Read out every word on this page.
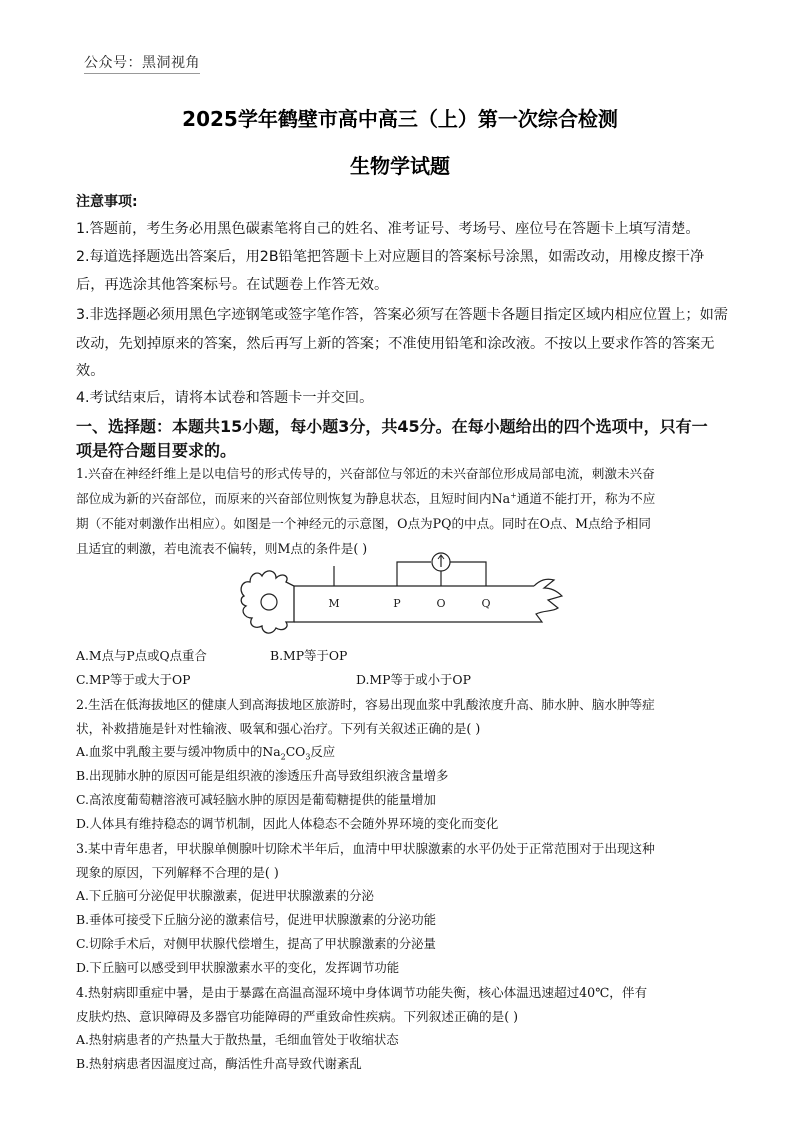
公众号：黑洞视角
2025学年鹤壁市高中高三（上）第一次综合检测
生物学试题
注意事项:
1.答题前，考生务必用黑色碳素笔将自己的姓名、准考证号、考场号、座位号在答题卡上填写清楚。
2.每道选择题选出答案后，用2B铅笔把答题卡上对应题目的答案标号涂黑，如需改动，用橡皮擦干净
后，再选涂其他答案标号。在试题卷上作答无效。
3.非选择题必须用黑色字迹钢笔或签字笔作答，答案必须写在答题卡各题目指定区域内相应位置上；如需
改动，先划掉原来的答案，然后再写上新的答案；不准使用铅笔和涂改液。不按以上要求作答的答案无
效。
4.考试结束后，请将本试卷和答题卡一并交回。
一、选择题：本题共15小题，每小题3分，共45分。在每小题给出的四个选项中，只有一
项是符合题目要求的。
1.兴奋在神经纤维上是以电信号的形式传导的，兴奋部位与邻近的未兴奋部位形成局部电流，刺激未兴奋
部位成为新的兴奋部位，而原来的兴奋部位则恢复为静息状态，且短时间内Na+通道不能打开，称为不应
期（不能对刺激作出相应）。如图是一个神经元的示意图，O点为PQ的中点。同时在O点、M点给予相同
且适宜的刺激，若电流表不偏转，则M点的条件是( )
M	P	O	Q
A.M点与P点或Q点重合	B.MP等于OP
C.MP等于或大于OP	D.MP等于或小于OP
2.生活在低海拔地区的健康人到高海拔地区旅游时，容易出现血浆中乳酸浓度升高、肺水肿、脑水肿等症
状，补救措施是针对性输液、吸氧和强心治疗。下列有关叙述正确的是( )
A.血浆中乳酸主要与缓冲物质中的$Na_2CO_3$反应
B.出现肺水肿的原因可能是组织液的渗透压升高导致组织液含量增多
C.高浓度葡萄糖溶液可减轻脑水肿的原因是葡萄糖提供的能量增加
D.人体具有维持稳态的调节机制，因此人体稳态不会随外界环境的变化而变化
3.某中青年患者，甲状腺单侧腺叶切除术半年后，血清中甲状腺激素的水平仍处于正常范围对于出现这种
现象的原因，下列解释不合理的是( )
A.下丘脑可分泌促甲状腺激素，促进甲状腺激素的分泌
B.垂体可接受下丘脑分泌的激素信号，促进甲状腺激素的分泌功能
C.切除手术后，对侧甲状腺代偿增生，提高了甲状腺激素的分泌量
D.下丘脑可以感受到甲状腺激素水平的变化，发挥调节功能
4.热射病即重症中暑，是由于暴露在高温高湿环境中身体调节功能失衡，核心体温迅速超过40℃，伴有
皮肤灼热、意识障碍及多器官功能障碍的严重致命性疾病。下列叙述正确的是( )
A.热射病患者的产热量大于散热量，毛细血管处于收缩状态
B.热射病患者因温度过高，酶活性升高导致代谢紊乱
